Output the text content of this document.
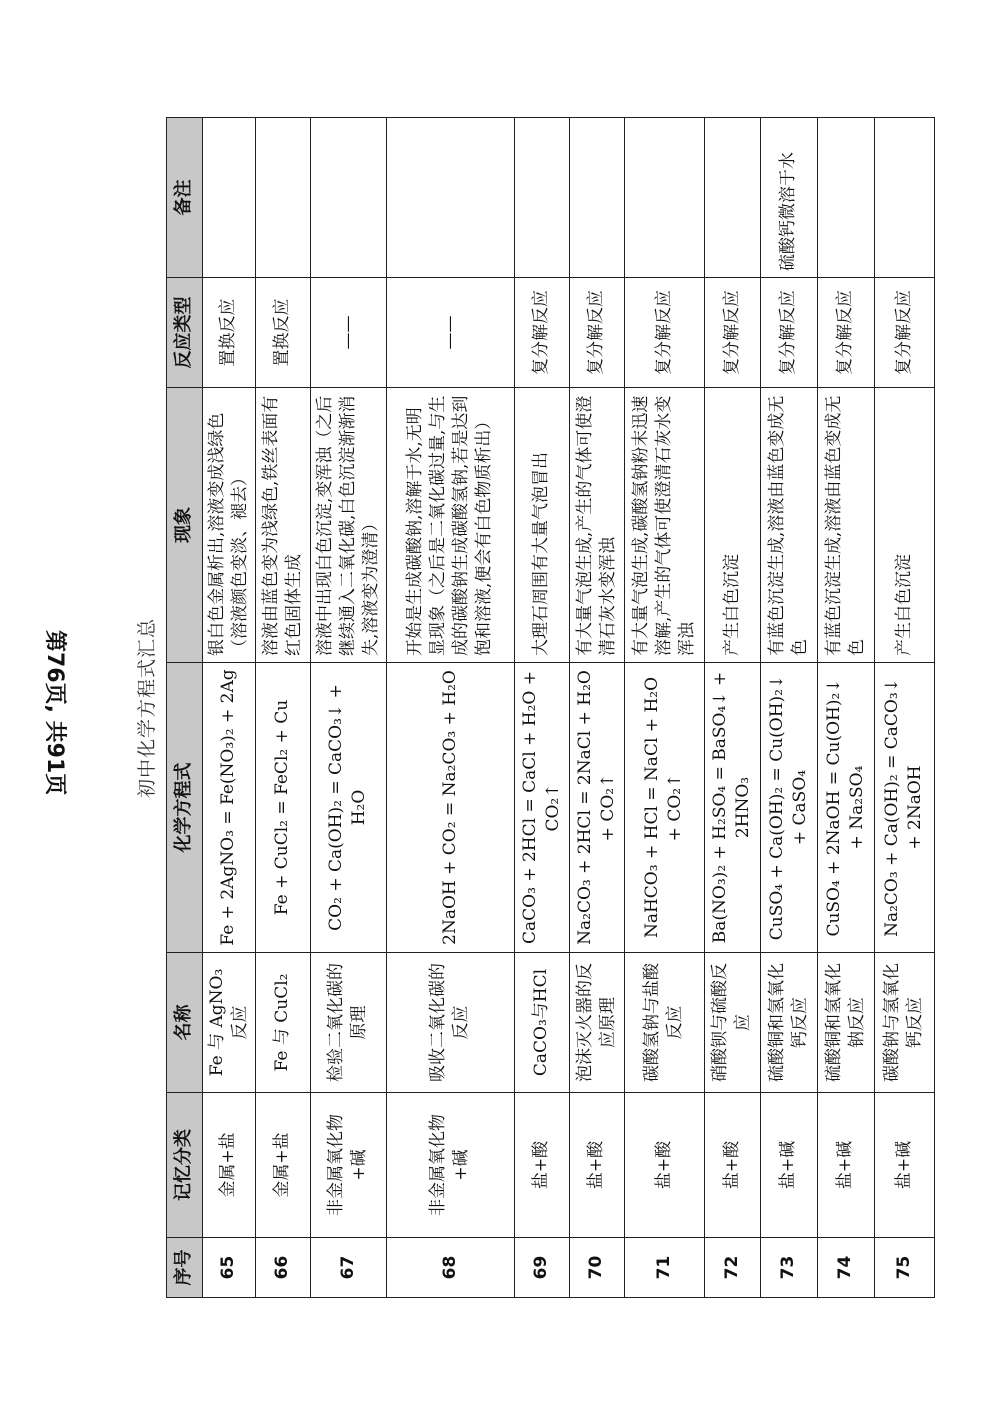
初中化学方程式汇总
序号	记忆分类	名称	化学方程式	现象	反应类型	备注
65	金属+盐	Fe 与 AgNO₃ 反应	Fe + 2AgNO₃ = Fe(NO₃)₂ + 2Ag	银白色金属析出,溶液变成浅绿色（溶液颜色变淡、褪去）	置换反应	
66	金属+盐	Fe 与 CuCl₂	Fe + CuCl₂ = FeCl₂ + Cu	溶液由蓝色变为浅绿色,铁丝表面有红色固体生成	置换反应	
67	非金属氧化物+碱	检验二氧化碳的原理	CO₂ + Ca(OH)₂ = CaCO₃↓ + H₂O	溶液中出现白色沉淀,变浑浊（之后继续通入二氧化碳,白色沉淀渐渐消失,溶液变为澄清）	——	
68	非金属氧化物+碱	吸收二氧化碳的反应	2NaOH + CO₂ = Na₂CO₃ + H₂O	开始是生成碳酸钠,溶解于水,无明显现象（之后是二氧化碳过量,与生成的碳酸钠生成碳酸氢钠,若是达到饱和溶液,便会有白色物质析出）	——	
69	盐+酸	CaCO₃与HCl	CaCO₃ + 2HCl = CaCl + H₂O + CO₂↑	大理石周围有大量气泡冒出	复分解反应	
70	盐+酸	泡沫灭火器的反应原理	Na₂CO₃ + 2HCl = 2NaCl + H₂O + CO₂↑	有大量气泡生成,产生的气体可使澄清石灰水变浑浊	复分解反应	
71	盐+酸	碳酸氢钠与盐酸反应	NaHCO₃ + HCl = NaCl + H₂O + CO₂↑	有大量气泡生成,碳酸氢钠粉末迅速溶解,产生的气体可使澄清石灰水变浑浊	复分解反应	
72	盐+酸	硝酸钡与硫酸反应	Ba(NO₃)₂ + H₂SO₄ = BaSO₄↓ + 2HNO₃	产生白色沉淀	复分解反应	
73	盐+碱	硫酸铜和氢氧化钙反应	CuSO₄ + Ca(OH)₂ = Cu(OH)₂↓ + CaSO₄	有蓝色沉淀生成,溶液由蓝色变成无色	复分解反应	硫酸钙微溶于水
74	盐+碱	硫酸铜和氢氧化钠反应	CuSO₄ + 2NaOH = Cu(OH)₂↓ + Na₂SO₄	有蓝色沉淀生成,溶液由蓝色变成无色	复分解反应	
75	盐+碱	碳酸钠与氢氧化钙反应	Na₂CO₃ + Ca(OH)₂ = CaCO₃↓ + 2NaOH	产生白色沉淀	复分解反应	
第76页, 共91页
